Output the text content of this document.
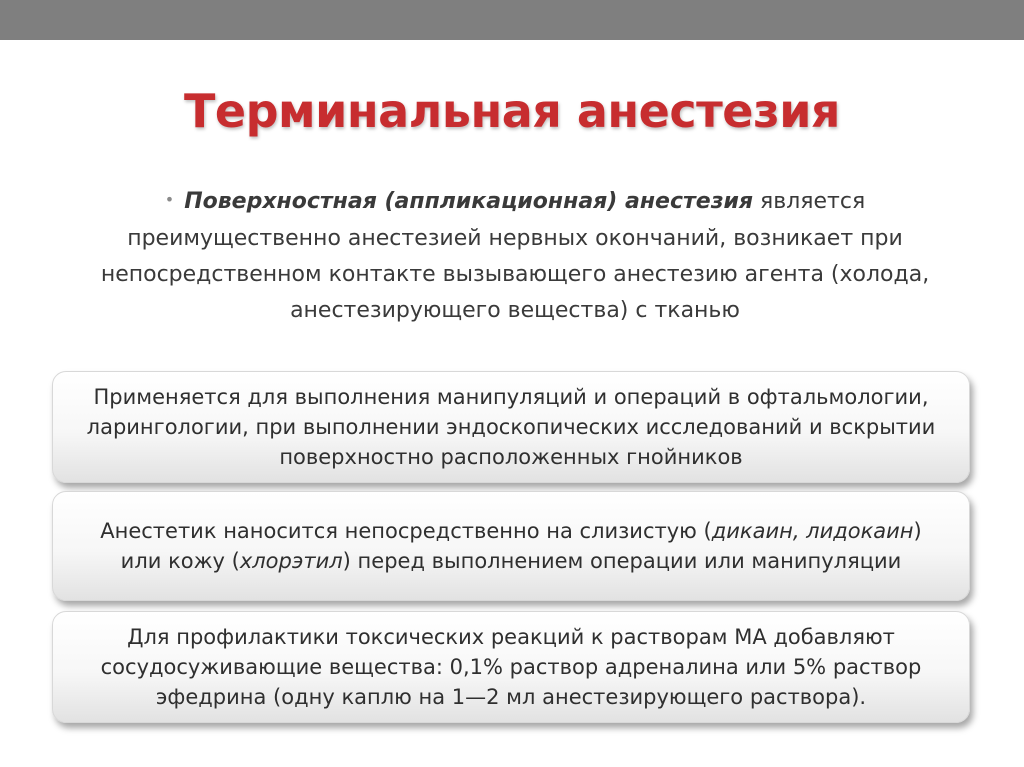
Терминальная анестезия
• Поверхностная (аппликационная) анестезия является
преимущественно анестезией нервных окончаний, возникает при
непосредственном контакте вызывающего анестезию агента (холода,
анестезирующего вещества) с тканью
Применяется для выполнения манипуляций и операций в офтальмологии,
ларингологии, при выполнении эндоскопических исследований и вскрытии
поверхностно расположенных гнойников
Анестетик наносится непосредственно на слизистую (дикаин, лидокаин)
или кожу (хлорэтил) перед выполнением операции или манипуляции
Для профилактики токсических реакций к растворам МА добавляют
сосудосуживающие вещества: 0,1% раствор адреналина или 5% раствор
эфедрина (одну каплю на 1—2 мл анестезирующего раствора).
